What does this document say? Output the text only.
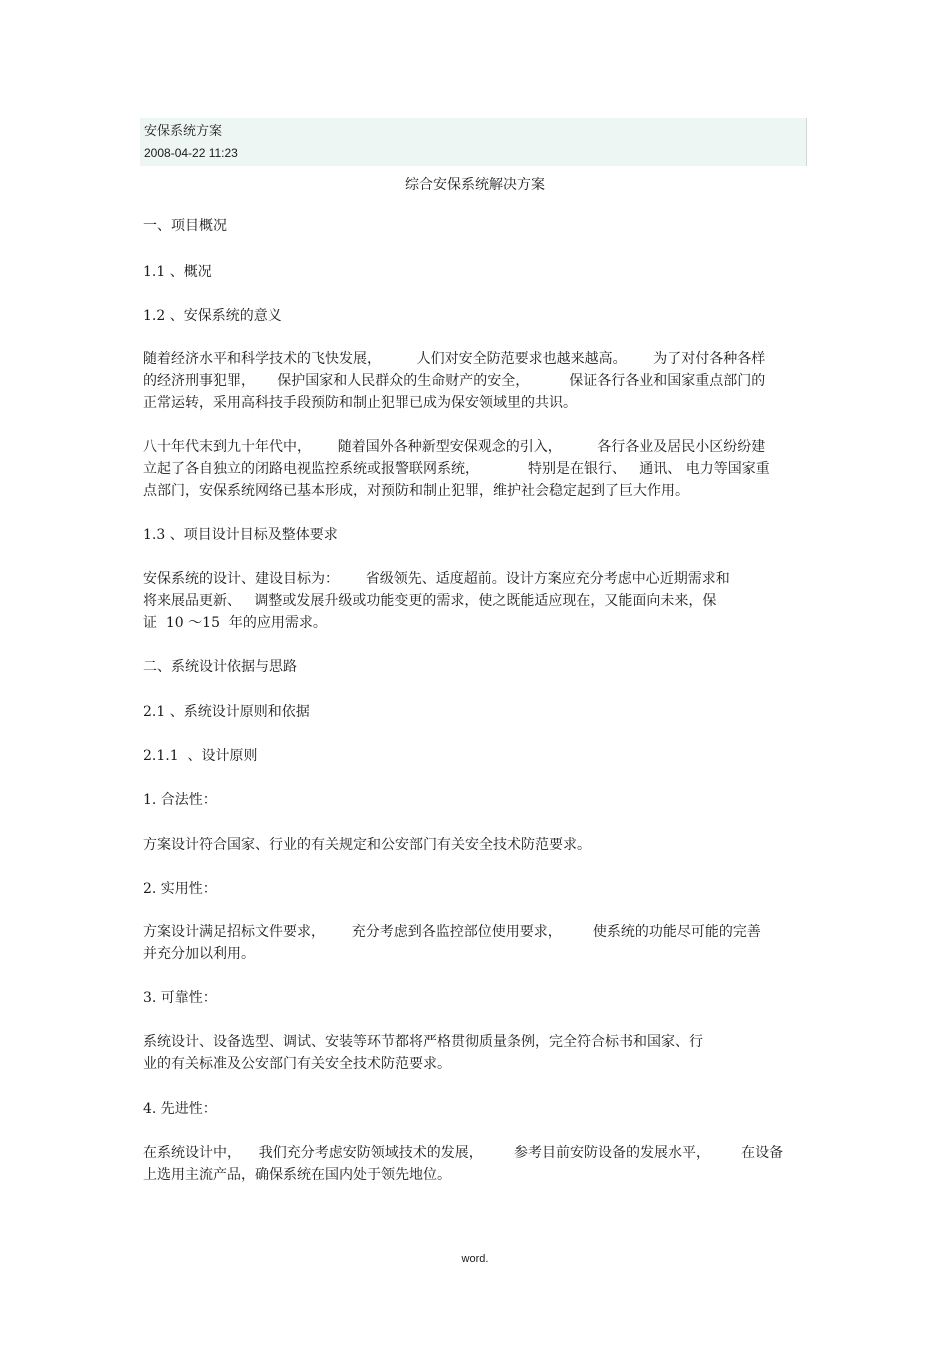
安保系统方案
2008-04-22 11:23
综合安保系统解决方案
一、项目概况
1.1 、概况
1.2 、安保系统的意义
随着经济水平和科学技术的飞快发展，        人们对安全防范要求也越来越高。      为了对付各种各样
的经济刑事犯罪，     保护国家和人民群众的生命财产的安全，         保证各行各业和国家重点部门的
正常运转，采用高科技手段预防和制止犯罪已成为保安领域里的共识。
八十年代末到九十年代中，      随着国外各种新型安保观念的引入，        各行各业及居民小区纷纷建
立起了各自独立的闭路电视监控系统或报警联网系统，           特别是在银行、   通讯、 电力等国家重
点部门，安保系统网络已基本形成，对预防和制止犯罪，维护社会稳定起到了巨大作用。
1.3 、项目设计目标及整体要求
安保系统的设计、建设目标为：      省级领先、适度超前。设计方案应充分考虑中心近期需求和
将来展品更新、   调整或发展升级或功能变更的需求，使之既能适应现在，又能面向未来，保
证  10 ～15  年的应用需求。
二、系统设计依据与思路
2.1 、系统设计原则和依据
2.1.1  、设计原则
1. 合法性：
方案设计符合国家、行业的有关规定和公安部门有关安全技术防范要求。
2. 实用性：
方案设计满足招标文件要求，      充分考虑到各监控部位使用要求，       使系统的功能尽可能的完善
并充分加以利用。
3. 可靠性：
系统设计、设备选型、调试、安装等环节都将严格贯彻质量条例，完全符合标书和国家、行
业的有关标准及公安部门有关安全技术防范要求。
4. 先进性：
在系统设计中，    我们充分考虑安防领域技术的发展，       参考目前安防设备的发展水平，       在设备
上选用主流产品，确保系统在国内处于领先地位。
word.
